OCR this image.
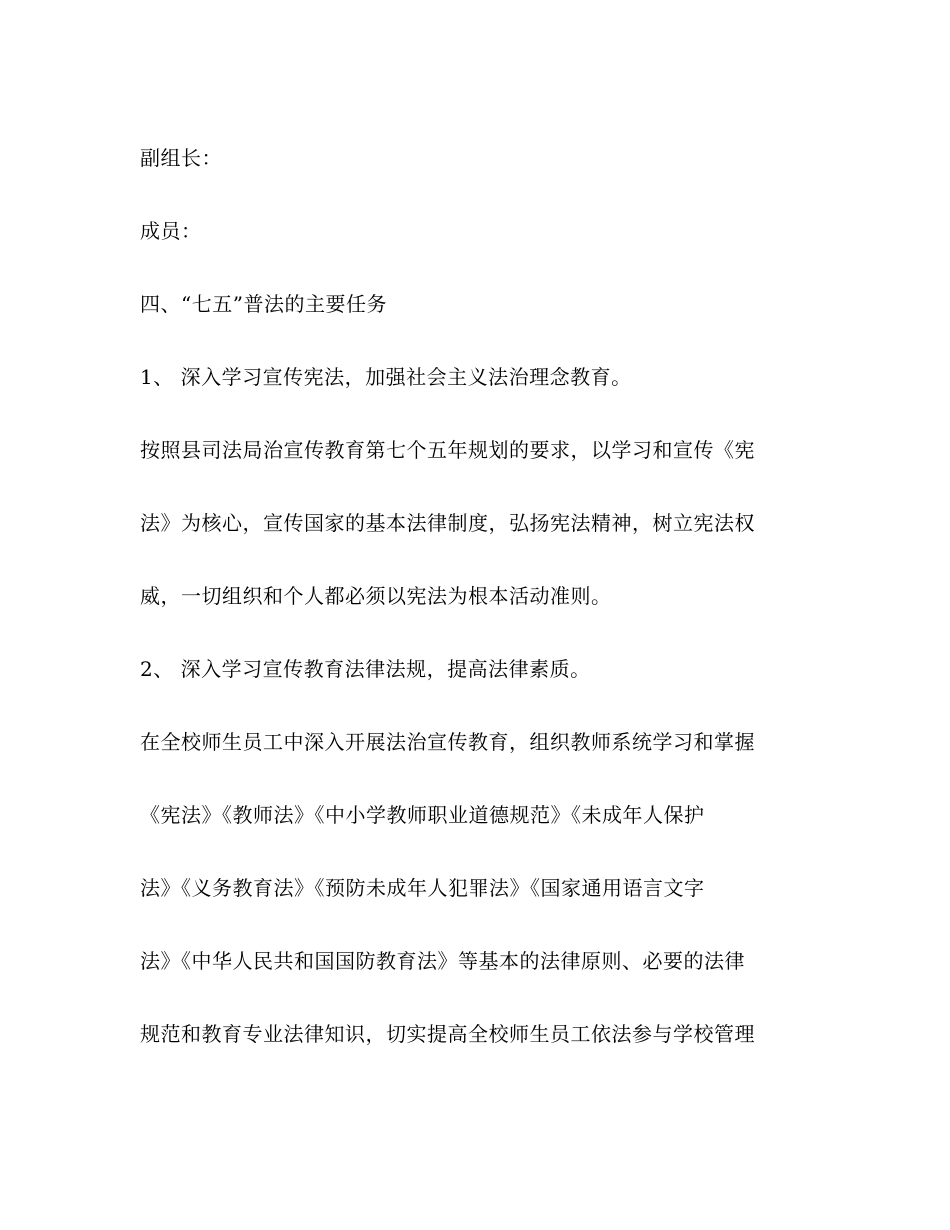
副组长：
成员：
四、“七五”普法的主要任务
1、 深入学习宣传宪法，加强社会主义法治理念教育。
按照县司法局治宣传教育第七个五年规划的要求，以学习和宣传《宪
法》为核心，宣传国家的基本法律制度，弘扬宪法精神，树立宪法权
威，一切组织和个人都必须以宪法为根本活动准则。
2、 深入学习宣传教育法律法规，提高法律素质。
在全校师生员工中深入开展法治宣传教育，组织教师系统学习和掌握
《宪法》《教师法》《中小学教师职业道德规范》《未成年人保护
法》《义务教育法》《预防未成年人犯罪法》《国家通用语言文字
法》《中华人民共和国国防教育法》等基本的法律原则、必要的法律
规范和教育专业法律知识，切实提高全校师生员工依法参与学校管理
